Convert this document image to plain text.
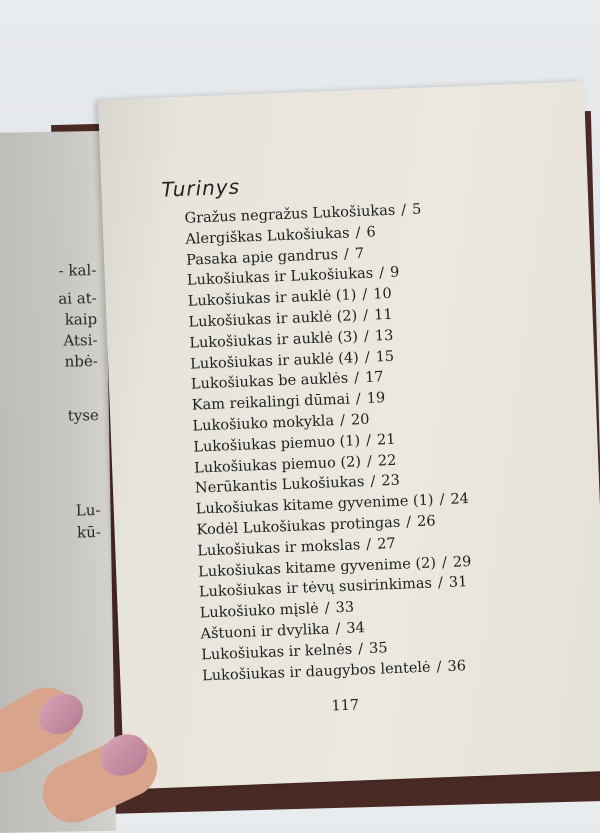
- kal-
ai at-
kaip
Atsi-
nbė-
tyse
Lu-
kū-
Turinys
Gražus negražus Lukošiukas / 5
Alergiškas Lukošiukas / 6
Pasaka apie gandrus / 7
Lukošiukas ir Lukošiukas / 9
Lukošiukas ir auklė (1) / 10
Lukošiukas ir auklė (2) / 11
Lukošiukas ir auklė (3) / 13
Lukošiukas ir auklė (4) / 15
Lukošiukas be auklės / 17
Kam reikalingi dūmai / 19
Lukošiuko mokykla / 20
Lukošiukas piemuo (1) / 21
Lukošiukas piemuo (2) / 22
Nerūkantis Lukošiukas / 23
Lukošiukas kitame gyvenime (1) / 24
Kodėl Lukošiukas protingas / 26
Lukošiukas ir mokslas / 27
Lukošiukas kitame gyvenime (2) / 29
Lukošiukas ir tėvų susirinkimas / 31
Lukošiuko mįslė / 33
Aštuoni ir dvylika / 34
Lukošiukas ir kelnės / 35
Lukošiukas ir daugybos lentelė / 36
117
